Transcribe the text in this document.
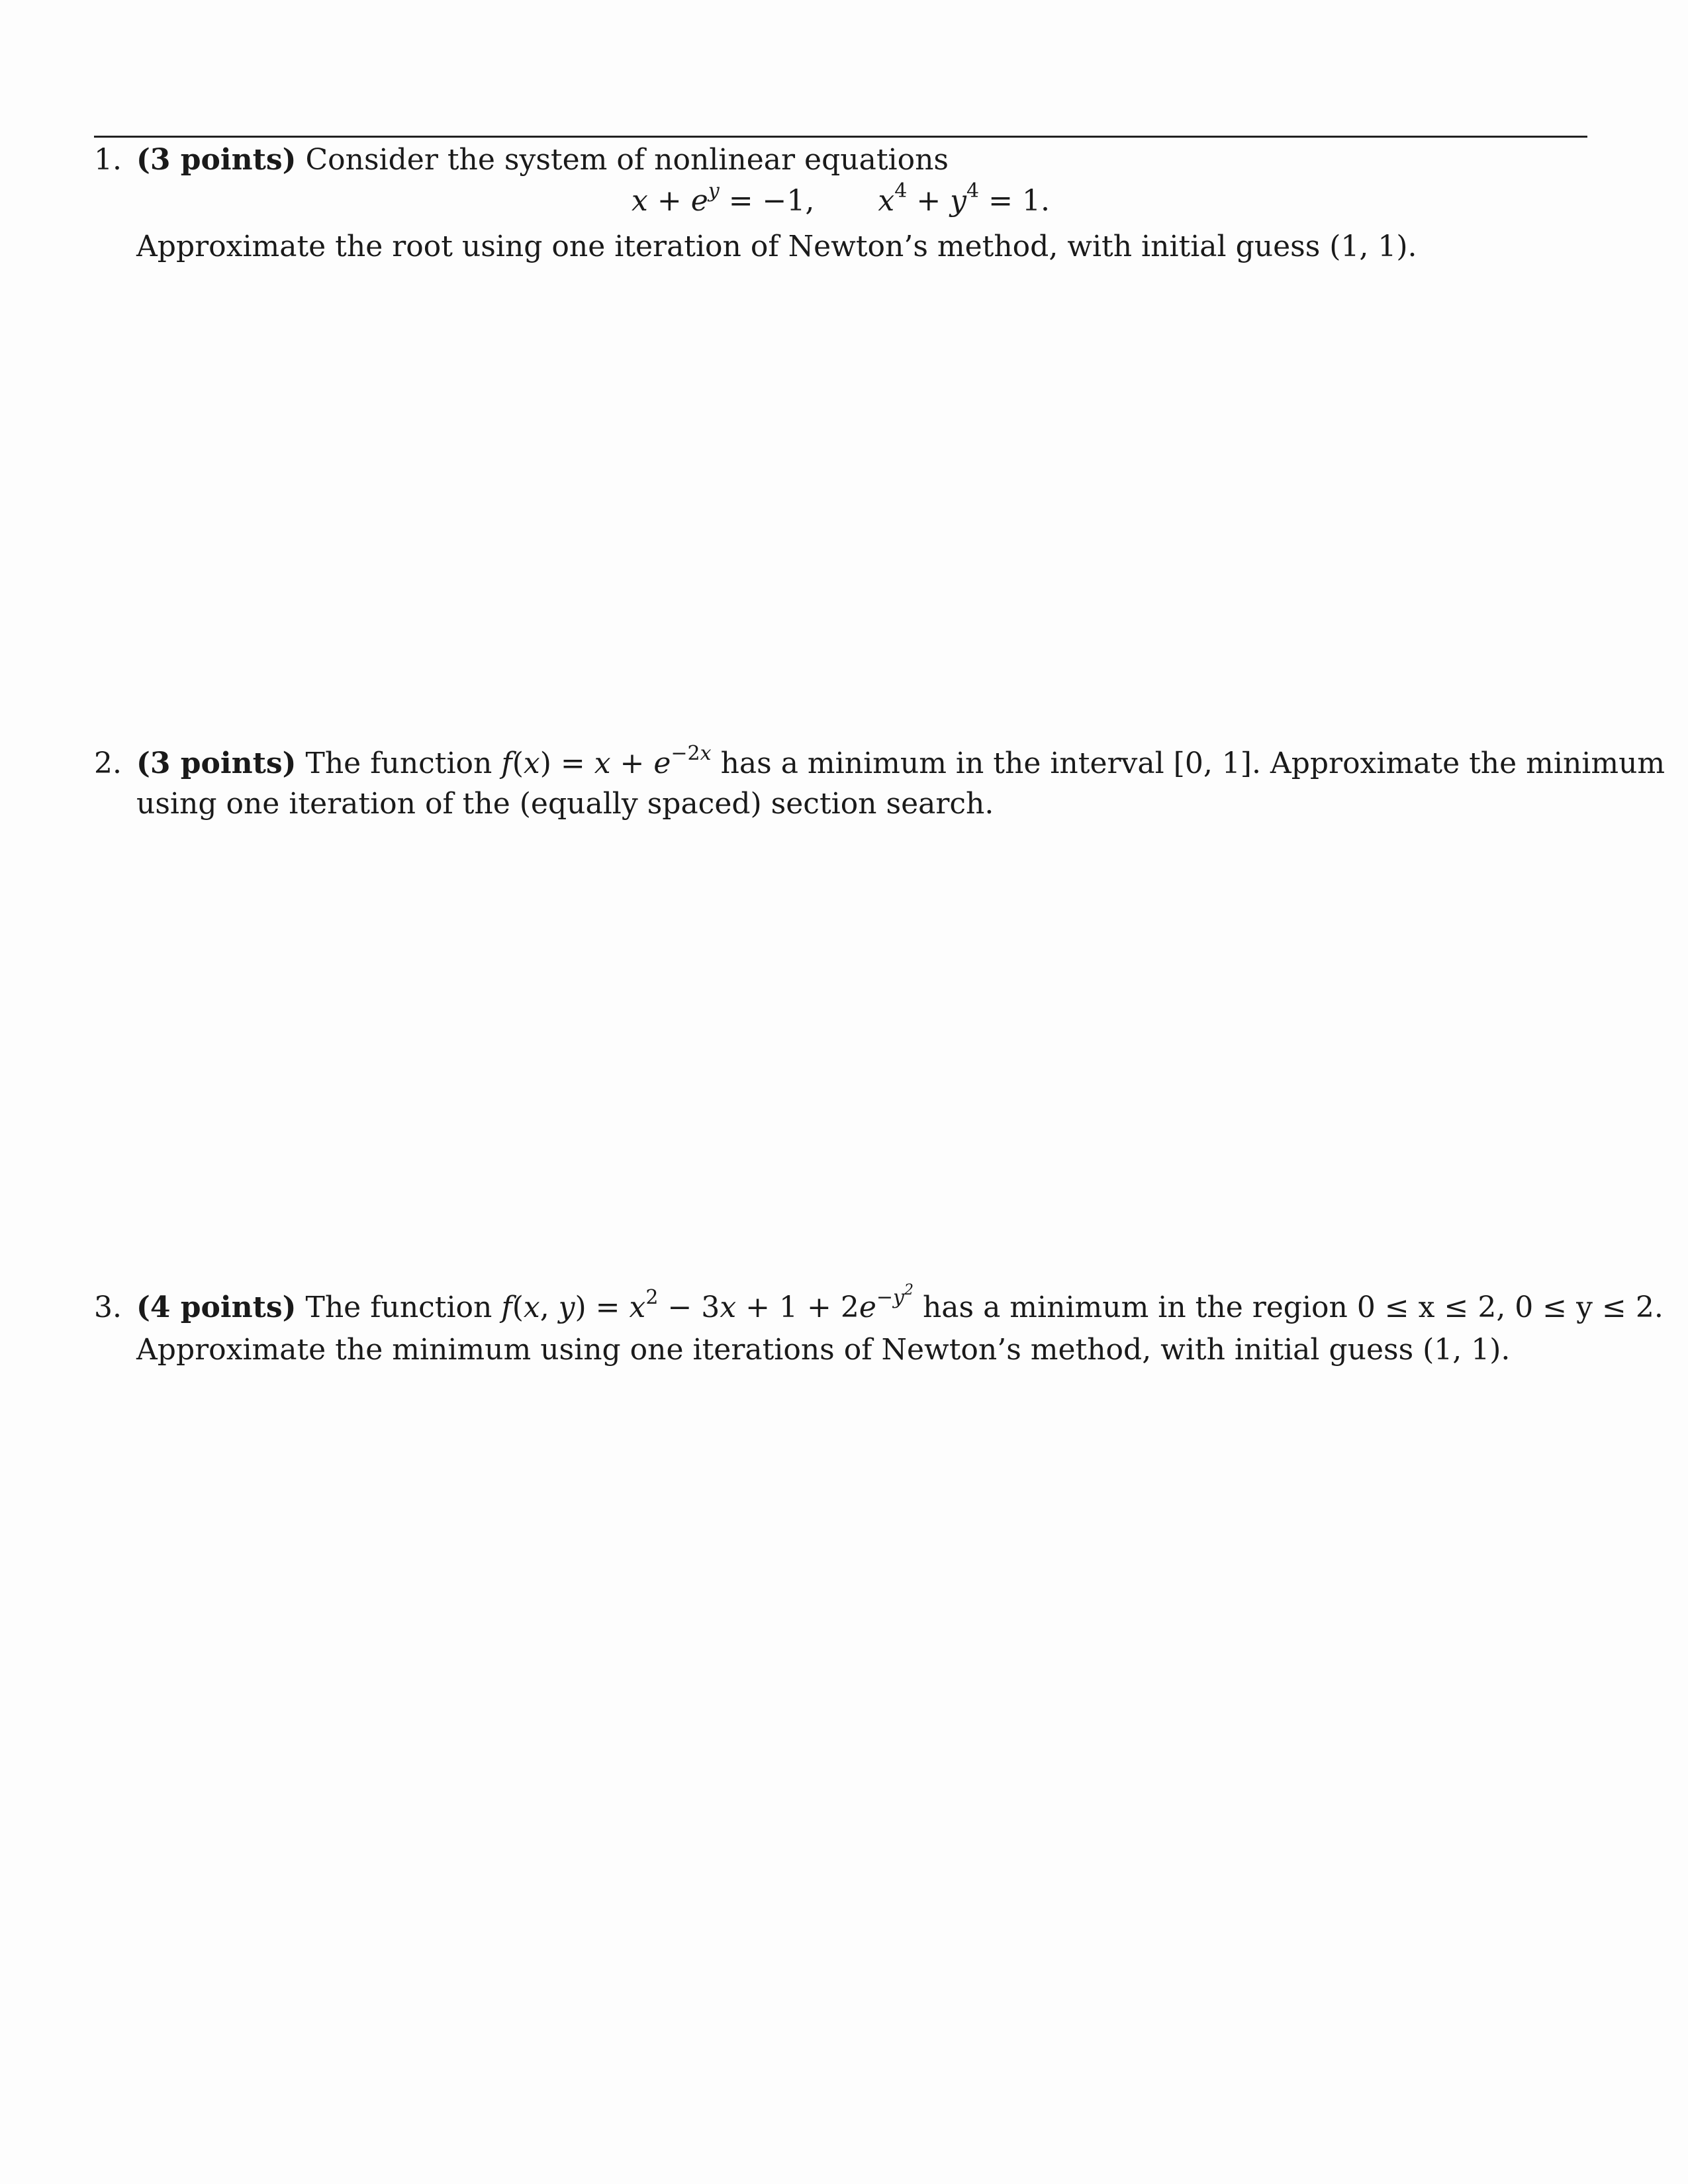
1. (3 points) Consider the system of nonlinear equations
$x + e^y = -1$, $x^4 + y^4 = 1$.
Approximate the root using one iteration of Newton’s method, with initial guess (1, 1).
2. (3 points) The function $f(x) = x + e^{-2x}$ has a minimum in the interval [0, 1]. Approximate the minimum
using one iteration of the (equally spaced) section search.
3. (4 points) The function f(x, $y) = x^2 - 3x + 1 + 2e^{-y^2}$ has a minimum in the region 0 ≤ x ≤ 2, 0 ≤ y ≤ 2.
Approximate the minimum using one iterations of Newton’s method, with initial guess (1, 1).
